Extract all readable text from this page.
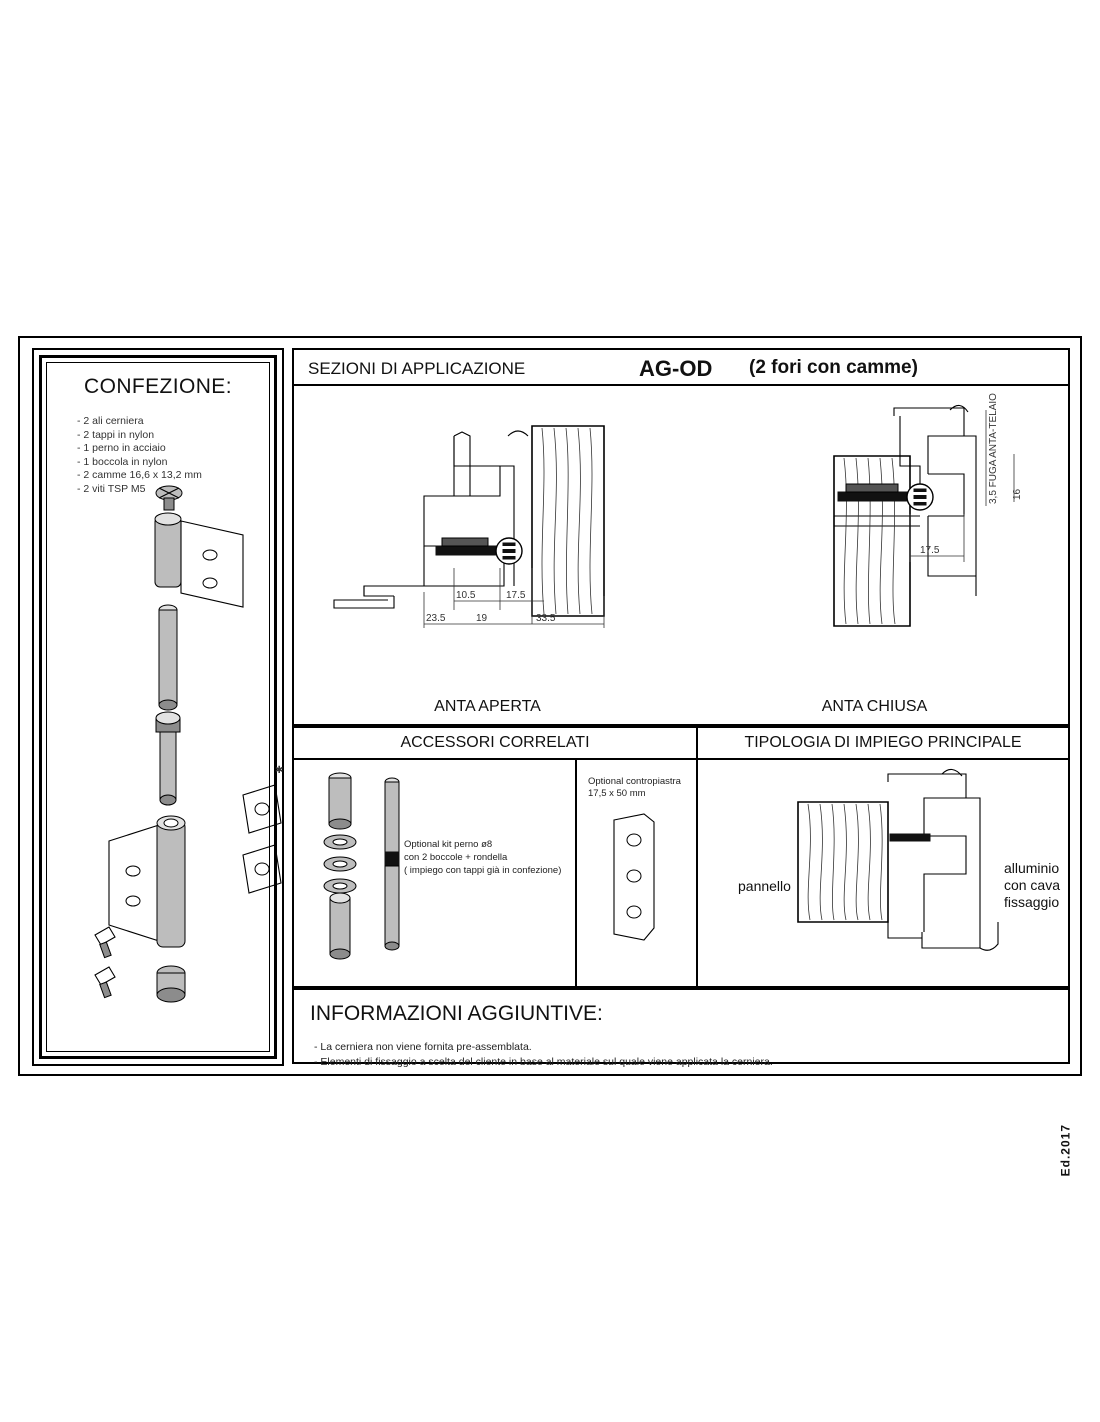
CONFEZIONE:
- 2 ali cerniera
- 2 tappi in nylon
- 1 perno in acciaio
- 1 boccola in nylon
- 2 camme 16,6 x 13,2 mm
- 2 viti TSP M5
✱
SEZIONI DI APPLICAZIONE	AG-OD (2 fori con camme)
10.5	17.5
23.5	19	33.5
17.5
3,5 FUGA ANTA-TELAIO 16
ANTA APERTA	ANTA CHIUSA
ACCESSORI CORRELATI
Optional kit perno ø8
con 2 boccole + rondella
( impiego con tappi già in confezione)
Optional contropiastra
17,5 x 50 mm
TIPOLOGIA DI IMPIEGO PRINCIPALE
pannello
alluminio
con cava
fissaggio
INFORMAZIONI AGGIUNTIVE:
- La cerniera non viene fornita pre-assemblata.
- Elementi di fissaggio a scelta del cliente in base al materiale sul quale viene applicata la cerniera.
Ed.2017
